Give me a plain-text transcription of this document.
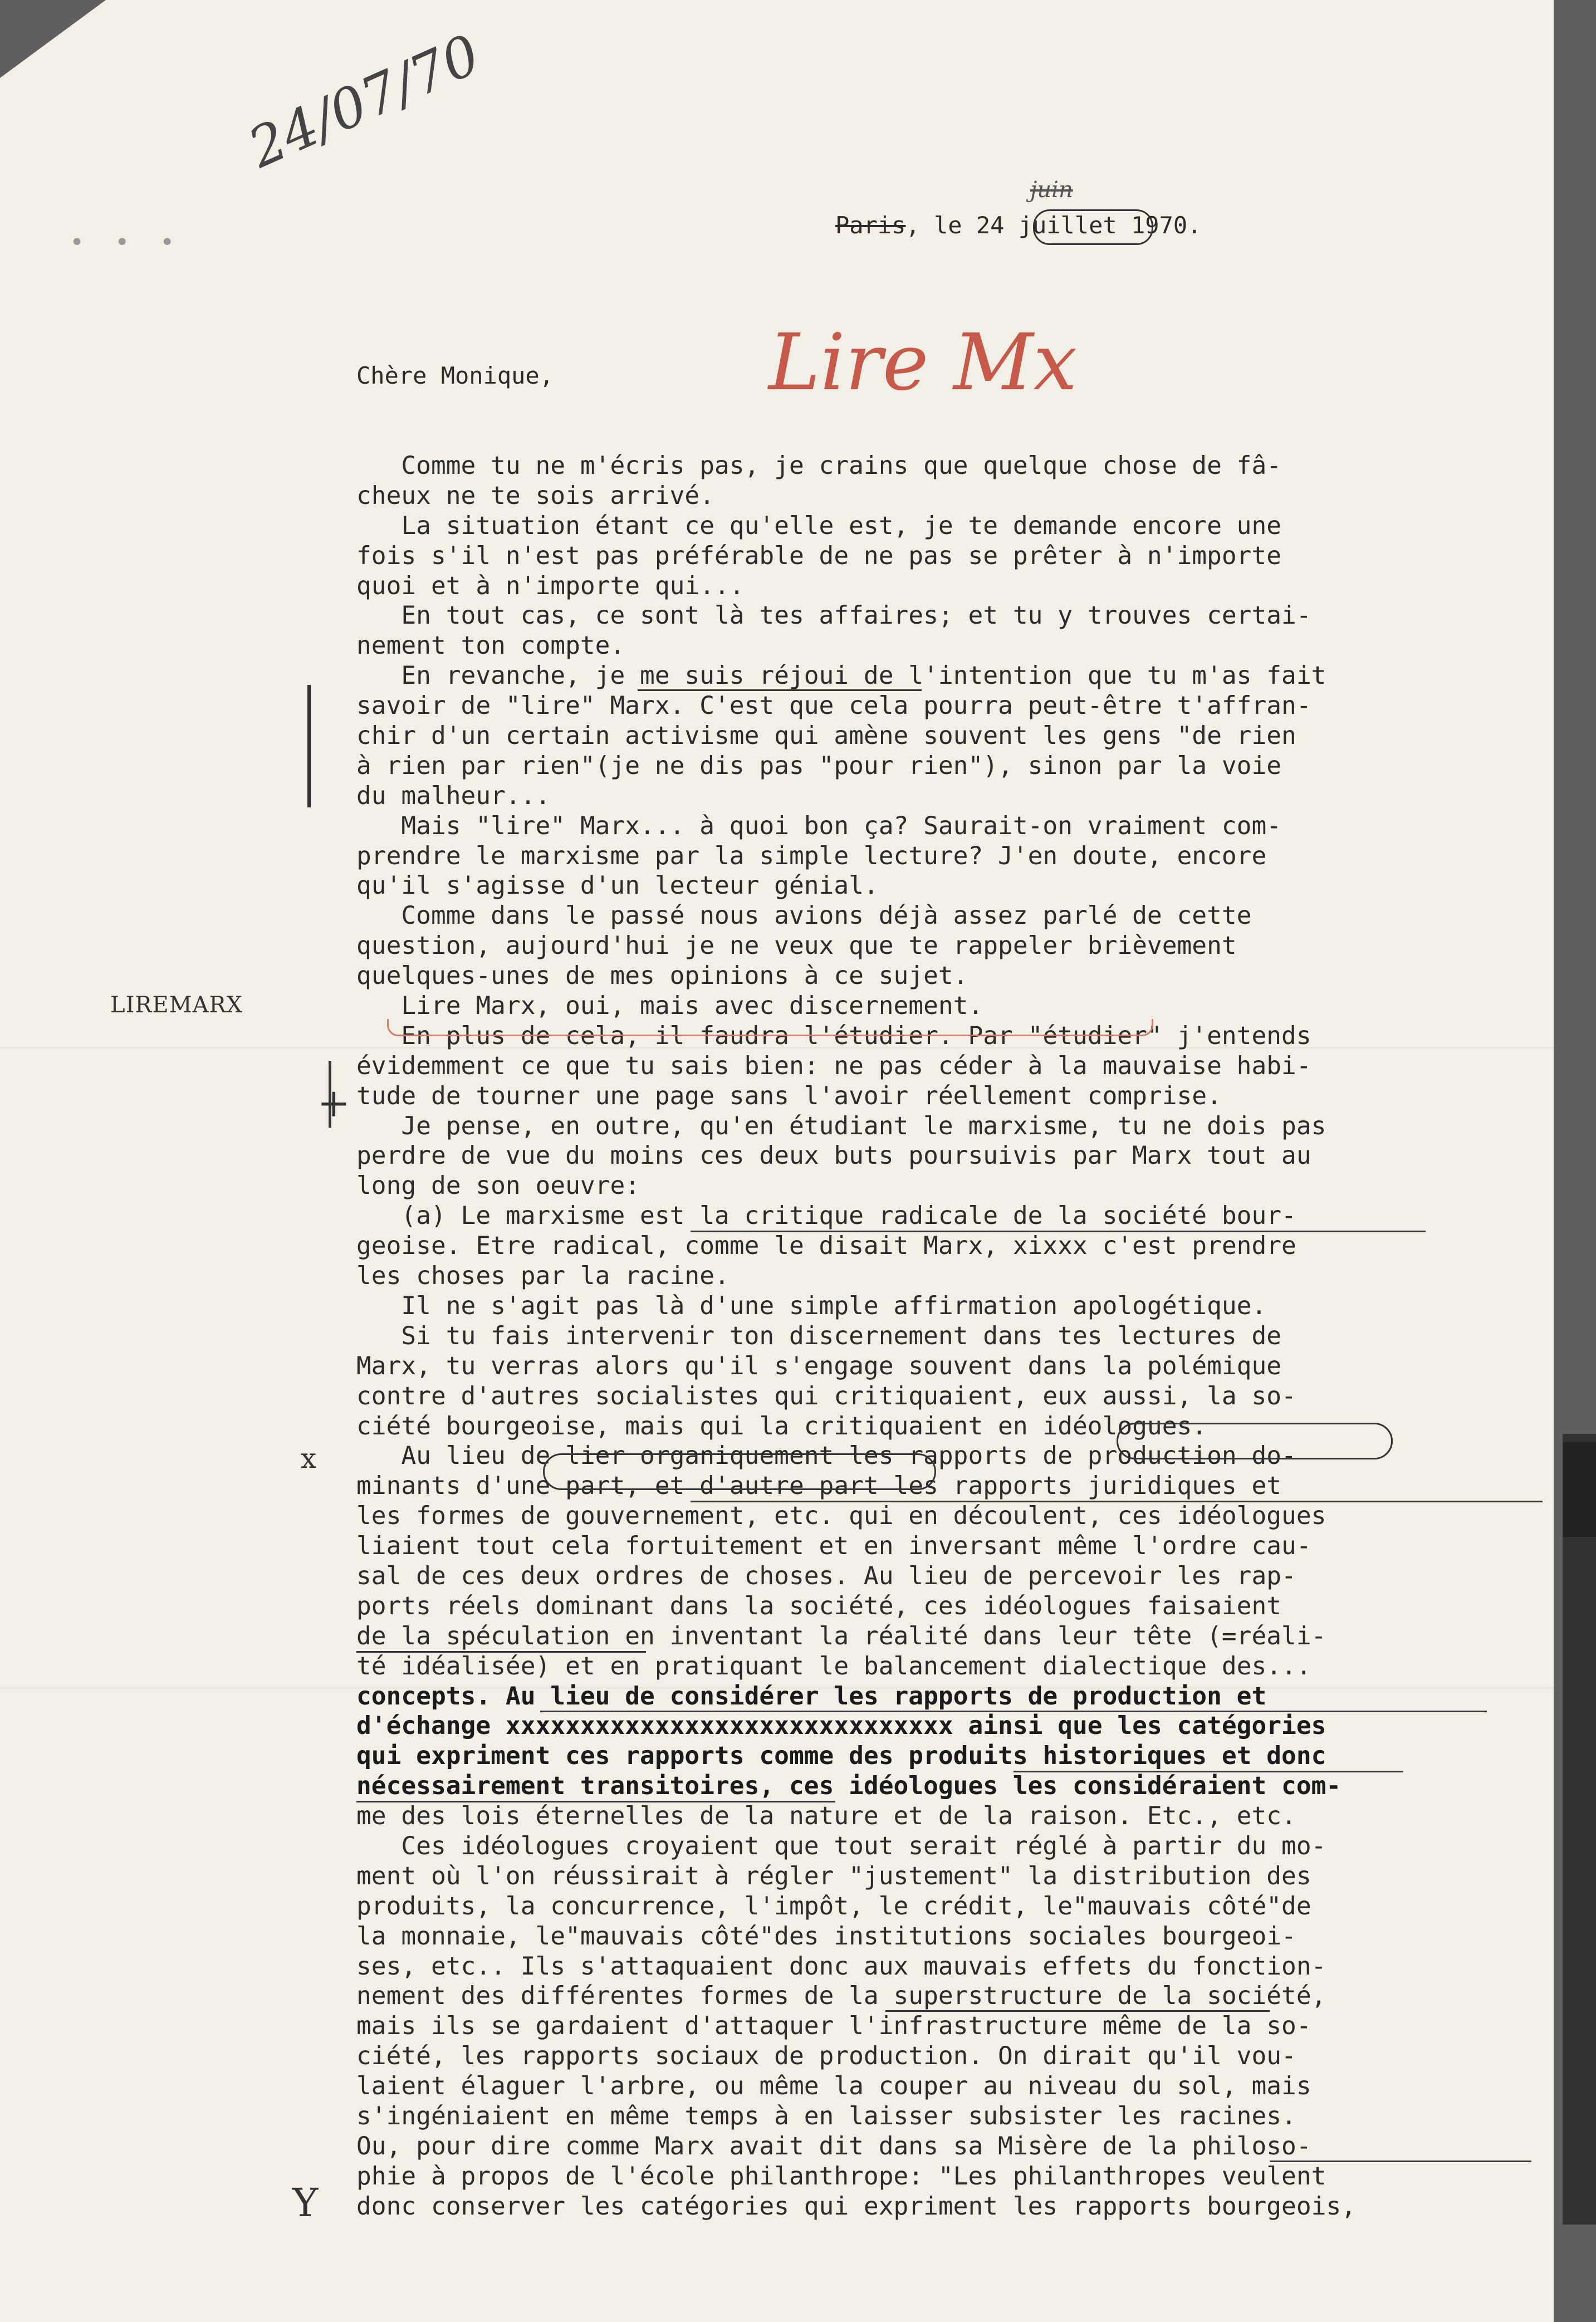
• • •
24/07/70
Lire Mx
LIREMARX
+
x
Y
Paris, le 24 juillet 1970.
juin
Chère Monique,
Comme tu ne m'écris pas, je crains que quelque chose de fâ-
cheux ne te sois arrivé.
La situation étant ce qu'elle est, je te demande encore une
fois s'il n'est pas préférable de ne pas se prêter à n'importe
quoi et à n'importe qui...
En tout cas, ce sont là tes affaires; et tu y trouves certai-
nement ton compte.
En revanche, je me suis réjoui de l'intention que tu m'as fait
savoir de "lire" Marx. C'est que cela pourra peut-être t'affran-
chir d'un certain activisme qui amène souvent les gens "de rien
à rien par rien"(je ne dis pas "pour rien"), sinon par la voie
du malheur...
Mais "lire" Marx... à quoi bon ça? Saurait-on vraiment com-
prendre le marxisme par la simple lecture? J'en doute, encore
qu'il s'agisse d'un lecteur génial.
Comme dans le passé nous avions déjà assez parlé de cette
question, aujourd'hui je ne veux que te rappeler brièvement
quelques-unes de mes opinions à ce sujet.
Lire Marx, oui, mais avec discernement.
En plus de cela, il faudra l'étudier. Par "étudier" j'entends
évidemment ce que tu sais bien: ne pas céder à la mauvaise habi-
tude de tourner une page sans l'avoir réellement comprise.
Je pense, en outre, qu'en étudiant le marxisme, tu ne dois pas
perdre de vue du moins ces deux buts poursuivis par Marx tout au
long de son oeuvre:
(a) Le marxisme est la critique radicale de la société bour-
geoise. Etre radical, comme le disait Marx, xixxx c'est prendre
les choses par la racine.
Il ne s'agit pas là d'une simple affirmation apologétique.
Si tu fais intervenir ton discernement dans tes lectures de
Marx, tu verras alors qu'il s'engage souvent dans la polémique
contre d'autres socialistes qui critiquaient, eux aussi, la so-
ciété bourgeoise, mais qui la critiquaient en idéologues.
Au lieu de lier organiquement les rapports de production do-
minants d'une part, et d'autre part les rapports juridiques et
les formes de gouvernement, etc. qui en découlent, ces idéologues
liaient tout cela fortuitement et en inversant même l'ordre cau-
sal de ces deux ordres de choses. Au lieu de percevoir les rap-
ports réels dominant dans la société, ces idéologues faisaient
de la spéculation en inventant la réalité dans leur tête (=réali-
té idéalisée) et en pratiquant le balancement dialectique des...
concepts. Au lieu de considérer les rapports de production et
d'échange xxxxxxxxxxxxxxxxxxxxxxxxxxxxxx ainsi que les catégories
qui expriment ces rapports comme des produits historiques et donc
nécessairement transitoires, ces idéologues les considéraient com-
me des lois éternelles de la nature et de la raison. Etc., etc.
Ces idéologues croyaient que tout serait réglé à partir du mo-
ment où l'on réussirait à régler "justement" la distribution des
produits, la concurrence, l'impôt, le crédit, le"mauvais côté"de
la monnaie, le"mauvais côté"des institutions sociales bourgeoi-
ses, etc.. Ils s'attaquaient donc aux mauvais effets du fonction-
nement des différentes formes de la superstructure de la société,
mais ils se gardaient d'attaquer l'infrastructure même de la so-
ciété, les rapports sociaux de production. On dirait qu'il vou-
laient élaguer l'arbre, ou même la couper au niveau du sol, mais
s'ingéniaient en même temps à en laisser subsister les racines.
Ou, pour dire comme Marx avait dit dans sa Misère de la philoso-
phie à propos de l'école philanthrope: "Les philanthropes veulent
donc conserver les catégories qui expriment les rapports bourgeois,
